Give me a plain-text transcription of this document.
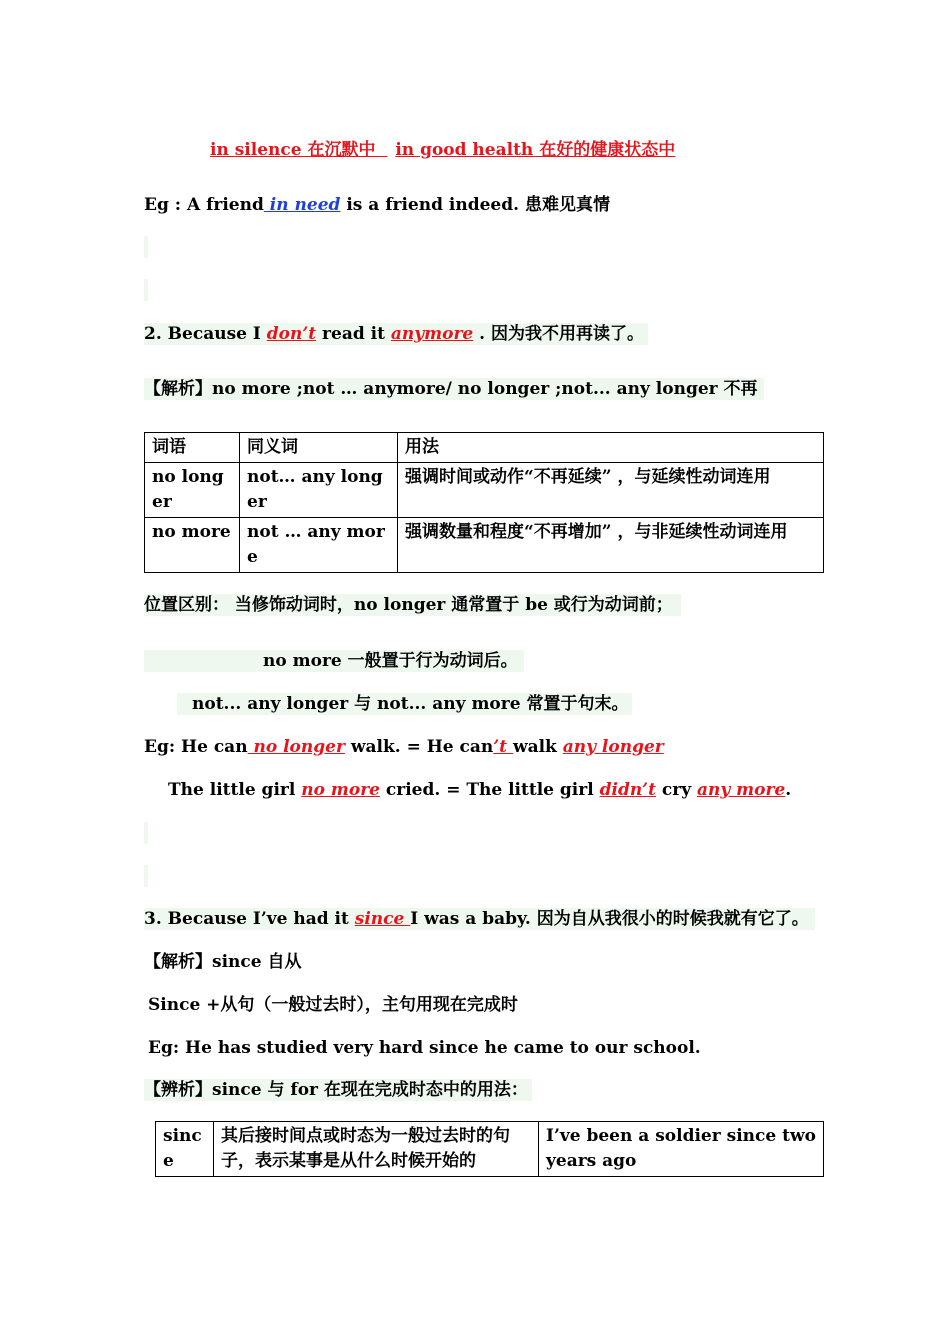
in silence 在沉默中 in good health 在好的健康状态中
Eg : A friend in need is a friend indeed. 患难见真情
2. Because I don’t read it anymore . 因为我不用再读了。
【解析】no more ;not … anymore/ no longer ;not... any longer 不再
词语	同义词	用法
no longer	not… any longer	强调时间或动作“不再延续” ，与延续性动词连用
no more	not … any more	强调数量和程度“不再增加” ，与非延续性动词连用
位置区别： 当修饰动词时，no longer 通常置于 be 或行为动词前；
no more 一般置于行为动词后。
not... any longer 与 not... any more 常置于句末。
Eg: He can no longer walk. = He can’t walk any longer
The little girl no more cried. = The little girl didn’t cry any more.
3. Because I’ve had it since I was a baby. 因为自从我很小的时候我就有它了。
【解析】since 自从
Since +从句（一般过去时），主句用现在完成时
Eg: He has studied very hard since he came to our school.
【辨析】since 与 for 在现在完成时态中的用法：
since	其后接时间点或时态为一般过去时的句子，表示某事是从什么时候开始的	I’ve been a soldier since two years ago
